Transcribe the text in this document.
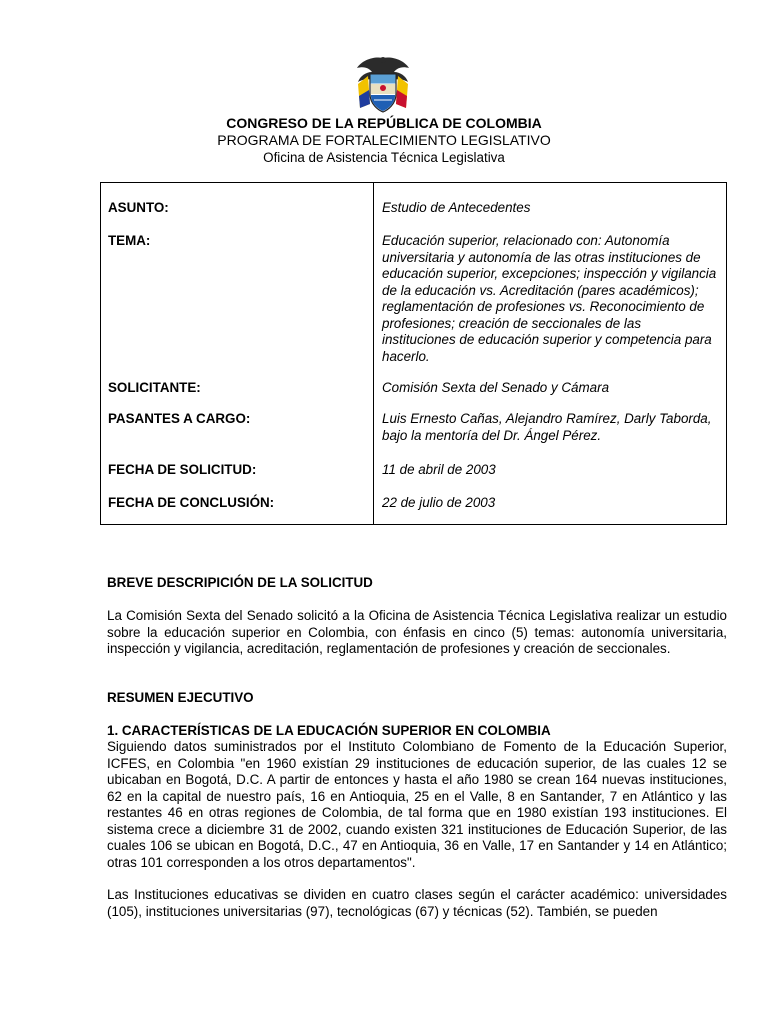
CONGRESO DE LA REPÚBLICA DE COLOMBIA
PROGRAMA DE FORTALECIMIENTO LEGISLATIVO
Oficina de Asistencia Técnica Legislativa
ASUNTO:	Estudio de Antecedentes
TEMA:	Educación superior, relacionado con: Autonomía universitaria y autonomía de las otras instituciones de educación superior, excepciones; inspección y vigilancia de la educación vs. Acreditación (pares académicos); reglamentación de profesiones vs. Reconocimiento de profesiones; creación de seccionales de las instituciones de educación superior y competencia para hacerlo.
SOLICITANTE:	Comisión Sexta del Senado y Cámara
PASANTES A CARGO:	Luis Ernesto Cañas, Alejandro Ramírez, Darly Taborda, bajo la mentoría del Dr. Ángel Pérez.
FECHA DE SOLICITUD:	11 de abril de 2003
FECHA DE CONCLUSIÓN:	22 de julio de 2003
BREVE DESCRIPICIÓN DE LA SOLICITUD
La Comisión Sexta del Senado solicitó a la Oficina de Asistencia Técnica Legislativa realizar un estudio sobre la educación superior en Colombia, con énfasis en cinco (5) temas: autonomía universitaria, inspección y vigilancia, acreditación, reglamentación de profesiones y creación de seccionales.
RESUMEN EJECUTIVO
1. CARACTERÍSTICAS DE LA EDUCACIÓN SUPERIOR EN COLOMBIA
Siguiendo datos suministrados por el Instituto Colombiano de Fomento de la Educación Superior, ICFES, en Colombia "en 1960 existían 29 instituciones de educación superior, de las cuales 12 se ubicaban en Bogotá, D.C. A partir de entonces y hasta el año 1980 se crean 164 nuevas instituciones, 62 en la capital de nuestro país, 16 en Antioquia, 25 en el Valle, 8 en Santander, 7 en Atlántico y las restantes 46 en otras regiones de Colombia, de tal forma que en 1980 existían 193 instituciones. El sistema crece a diciembre 31 de 2002, cuando existen 321 instituciones de Educación Superior, de las cuales 106 se ubican en Bogotá, D.C., 47 en Antioquia, 36 en Valle, 17 en Santander y 14 en Atlántico; otras 101 corresponden a los otros departamentos".
Las Instituciones educativas se dividen en cuatro clases según el carácter académico: universidades (105), instituciones universitarias (97), tecnológicas (67) y técnicas (52). También, se pueden
